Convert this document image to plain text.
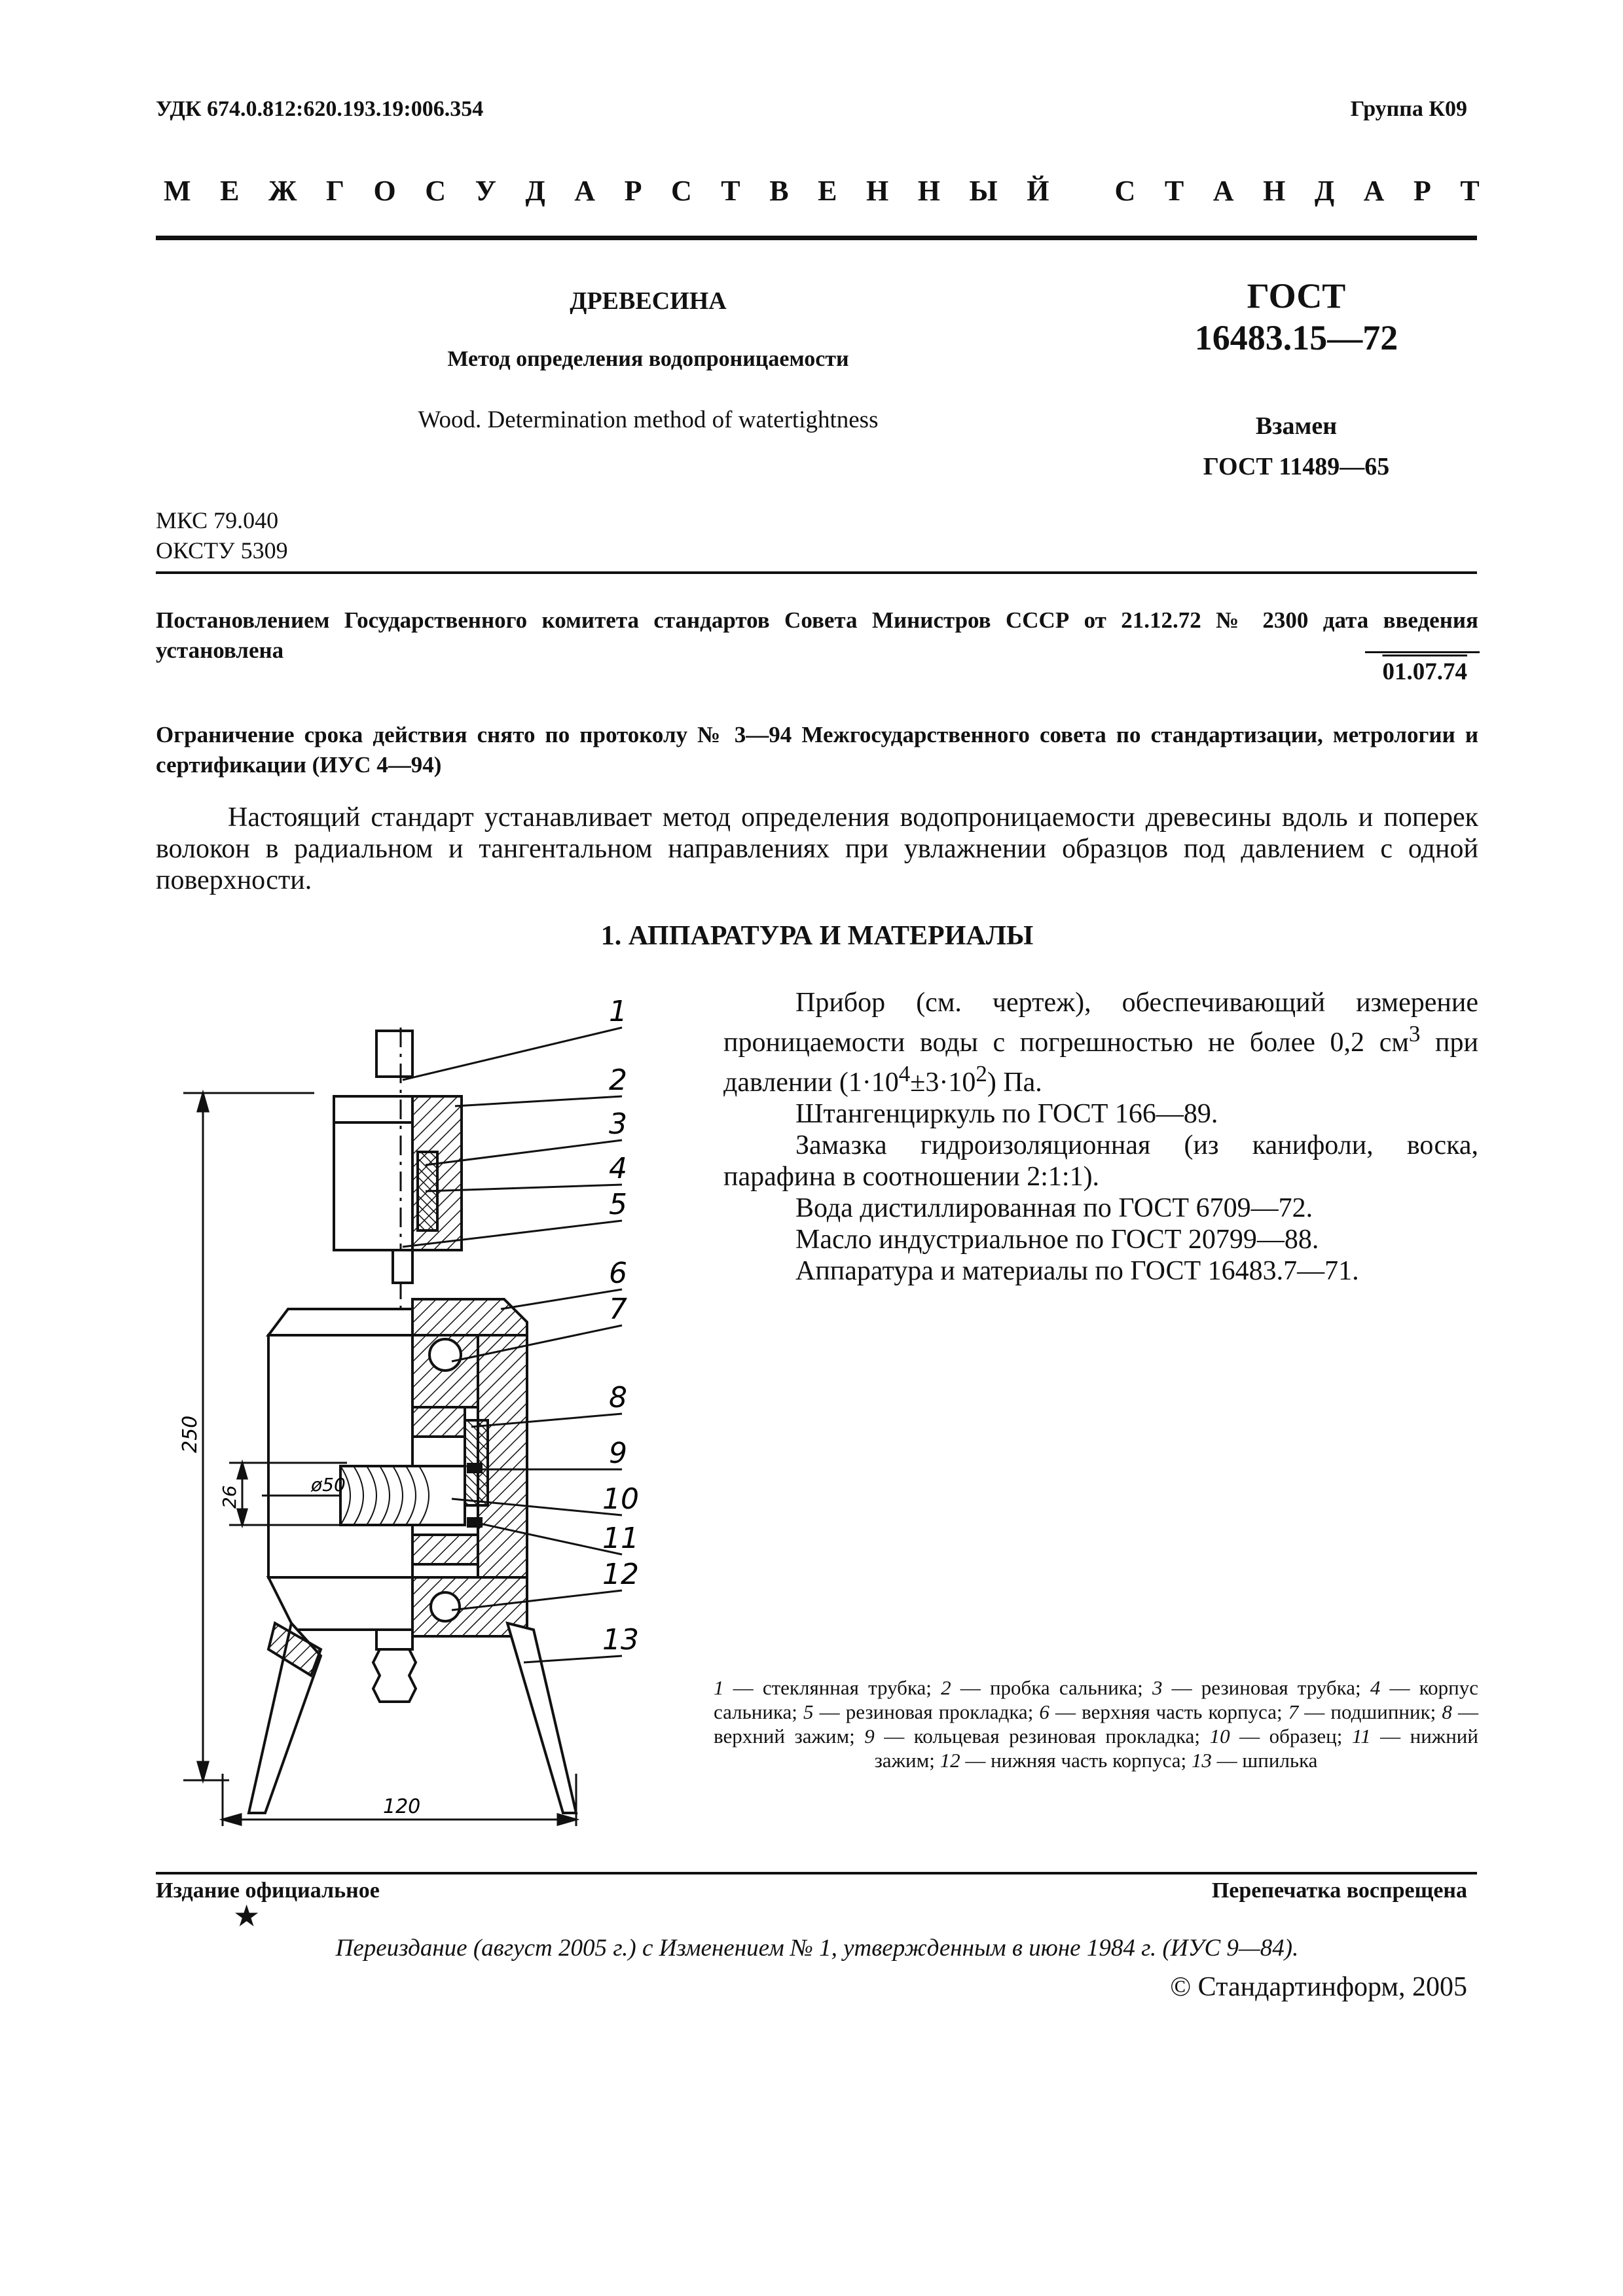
УДК 674.0.812:620.193.19:006.354	Группа К09
М Е Ж Г О С У Д А Р С Т В Е Н Н Ы Й
С Т А Н Д А Р Т
ДРЕВЕСИНА
Метод определения водопроницаемости
Wood. Determination method of watertightness
ГОСТ
16483.15—72
Взамен
ГОСТ 11489—65
МКС 79.040
ОКСТУ 5309
Постановлением Государственного комитета стандартов Совета Министров СССР от 21.12.72 № 2300 дата введения установлена
01.07.74
Ограничение срока действия снято по протоколу № 3—94 Межгосударственного совета по стандартизации, метрологии и сертификации (ИУС 4—94)
Настоящий стандарт устанавливает метод определения водопроницаемости древесины вдоль и поперек волокон в радиальном и тангентальном направлениях при увлажнении образцов под давлением с одной поверхности.
1. АППАРАТУРА И МАТЕРИАЛЫ

Прибор (см. чертеж), обеспечивающий измерение проницаемости воды с погрешностью не более 0,2 $см^3$ при давлении $(1\cdot 10^4\pm 3\cdot 10^2)$ Па.

Штангенциркуль по ГОСТ 166—89.

Замазка гидроизоляционная (из канифоли, воска, парафина в соотношении 2:1:1).

Вода дистиллированная по ГОСТ 6709—72.

Масло индустриальное по ГОСТ 20799—88.

Аппаратура и материалы по ГОСТ 16483.7—71.

250
26
ø50
120
1
2
3
4
5
6
7
8
9
10
11
12
13
1 — стеклянная трубка; 2 — пробка сальника; 3 — резиновая трубка; 4 — корпус сальника; 5 — резиновая прокладка; 6 — верхняя часть корпуса; 7 — подшипник; 8 — верхний зажим; 9 — кольцевая резиновая прокладка; 10 — образец; 11 — нижний зажим; 12 — нижняя часть корпуса; 13 — шпилька
Издание официальное	Перепечатка воспрещена
★
Переиздание (август 2005 г.) с Изменением № 1, утвержденным в июне 1984 г. (ИУС 9—84).
© Стандартинформ, 2005
